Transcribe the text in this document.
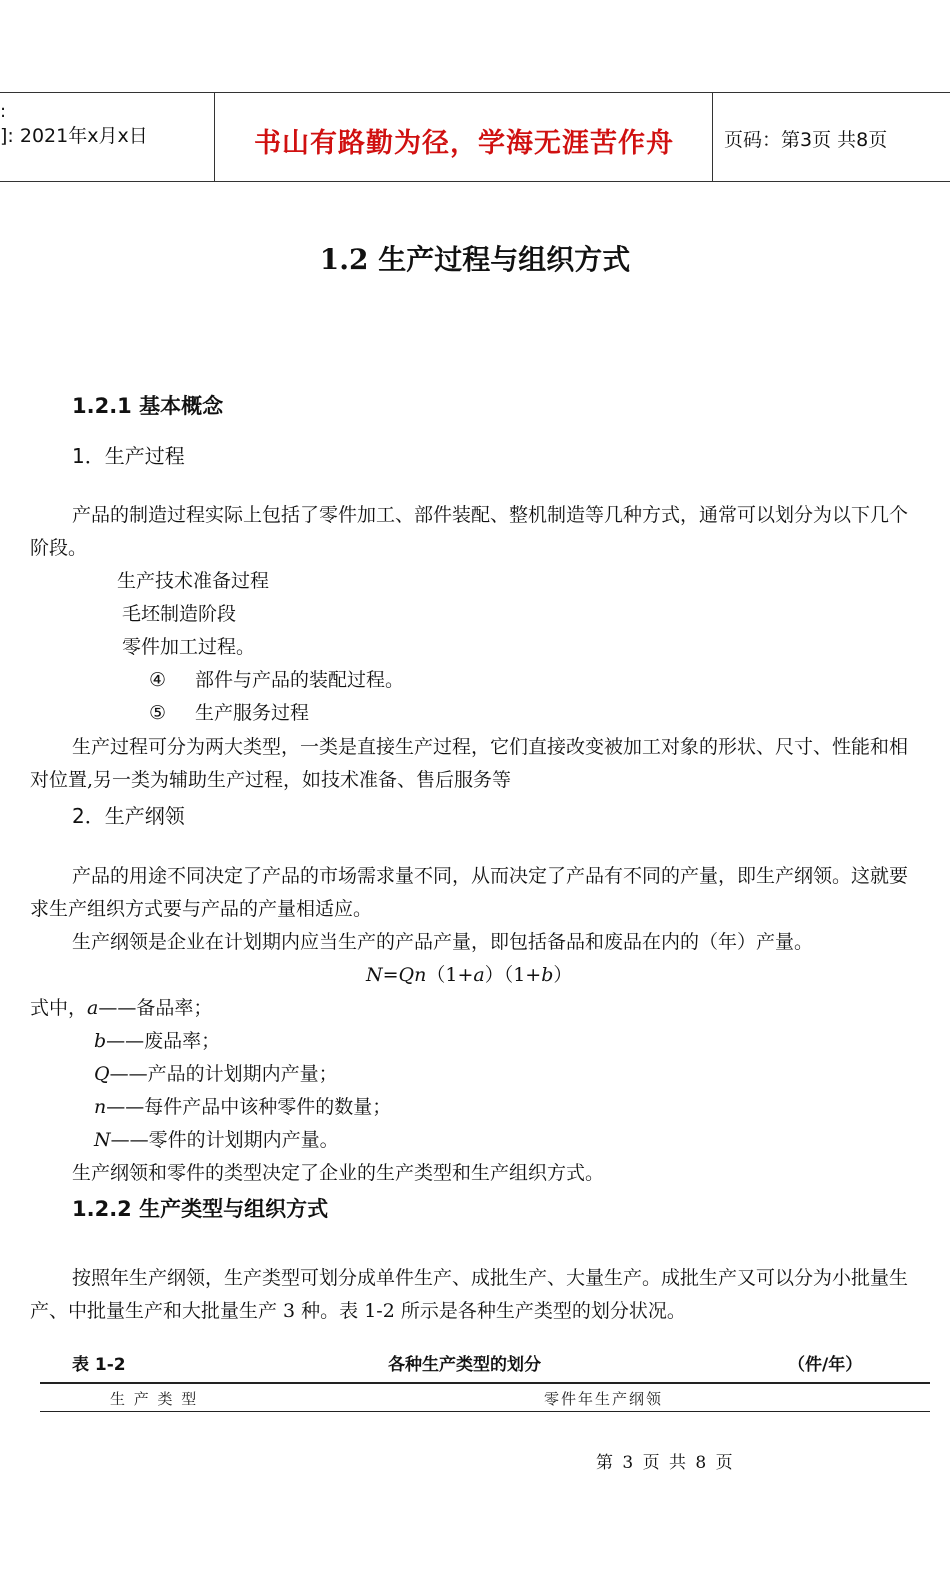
:
]: 2021年x月x日	书山有路勤为径，学海无涯苦作舟	页码：第3页 共8页
1.2 生产过程与组织方式
1.2.1 基本概念
1．生产过程
产品的制造过程实际上包括了零件加工、部件装配、整机制造等几种方式，通常可以划分为以下几个阶段。
生产技术准备过程
毛坯制造阶段
零件加工过程。
④ 部件与产品的装配过程。
⑤ 生产服务过程
生产过程可分为两大类型，一类是直接生产过程，它们直接改变被加工对象的形状、尺寸、性能和相对位置,另一类为辅助生产过程，如技术准备、售后服务等
2．生产纲领
产品的用途不同决定了产品的市场需求量不同，从而决定了产品有不同的产量，即生产纲领。这就要求生产组织方式要与产品的产量相适应。
生产纲领是企业在计划期内应当生产的产品产量，即包括备品和废品在内的（年）产量。
N=Qn（1+a）（1+b）
式中，a——备品率；
b——废品率；
Q——产品的计划期内产量；
n——每件产品中该种零件的数量；
N——零件的计划期内产量。
生产纲领和零件的类型决定了企业的生产类型和生产组织方式。
1.2.2 生产类型与组织方式
按照年生产纲领，生产类型可划分成单件生产、成批生产、大量生产。成批生产又可以分为小批量生产、中批量生产和大批量生产 3 种。表 1-2 所示是各种生产类型的划分状况。
表 1-2	各种生产类型的划分	（件/年）
生 产 类 型	零件年生产纲领
第 3 页 共 8 页
